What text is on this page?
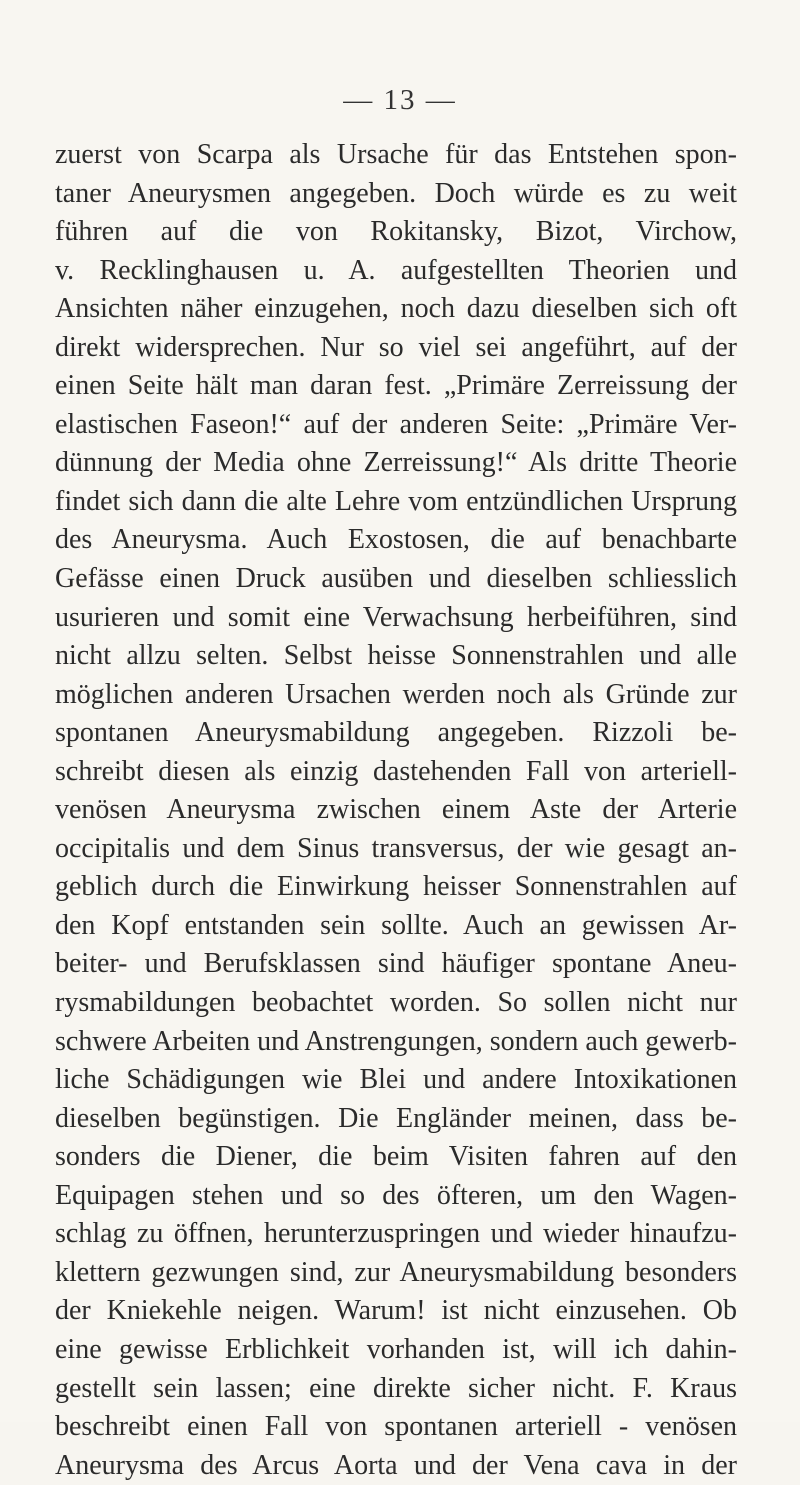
— 13 —
zuerst von Scarpa als Ursache für das Entstehen spon-
taner Aneurysmen angegeben. Doch würde es zu weit
führen auf die von Rokitansky, Bizot, Virchow,
v. Recklinghausen u. A. aufgestellten Theorien und
Ansichten näher einzugehen, noch dazu dieselben sich oft
direkt widersprechen. Nur so viel sei angeführt, auf der
einen Seite hält man daran fest. „Primäre Zerreissung der
elastischen Faseon!“ auf der anderen Seite: „Primäre Ver-
dünnung der Media ohne Zerreissung!“ Als dritte Theorie
findet sich dann die alte Lehre vom entzündlichen Ursprung
des Aneurysma. Auch Exostosen, die auf benachbarte
Gefässe einen Druck ausüben und dieselben schliesslich
usurieren und somit eine Verwachsung herbeiführen, sind
nicht allzu selten. Selbst heisse Sonnenstrahlen und alle
möglichen anderen Ursachen werden noch als Gründe zur
spontanen Aneurysmabildung angegeben. Rizzoli be-
schreibt diesen als einzig dastehenden Fall von arteriell-
venösen Aneurysma zwischen einem Aste der Arterie
occipitalis und dem Sinus transversus, der wie gesagt an-
geblich durch die Einwirkung heisser Sonnenstrahlen auf
den Kopf entstanden sein sollte. Auch an gewissen Ar-
beiter- und Berufsklassen sind häufiger spontane Aneu-
rysmabildungen beobachtet worden. So sollen nicht nur
schwere Arbeiten und Anstrengungen, sondern auch gewerb-
liche Schädigungen wie Blei und andere Intoxikationen
dieselben begünstigen. Die Engländer meinen, dass be-
sonders die Diener, die beim Visiten fahren auf den
Equipagen stehen und so des öfteren, um den Wagen-
schlag zu öffnen, herunterzuspringen und wieder hinaufzu-
klettern gezwungen sind, zur Aneurysmabildung besonders
der Kniekehle neigen. Warum! ist nicht einzusehen. Ob
eine gewisse Erblichkeit vorhanden ist, will ich dahin-
gestellt sein lassen; eine direkte sicher nicht. F. Kraus
beschreibt einen Fall von spontanen arteriell - venösen
Aneurysma des Arcus Aorta und der Vena cava in der
